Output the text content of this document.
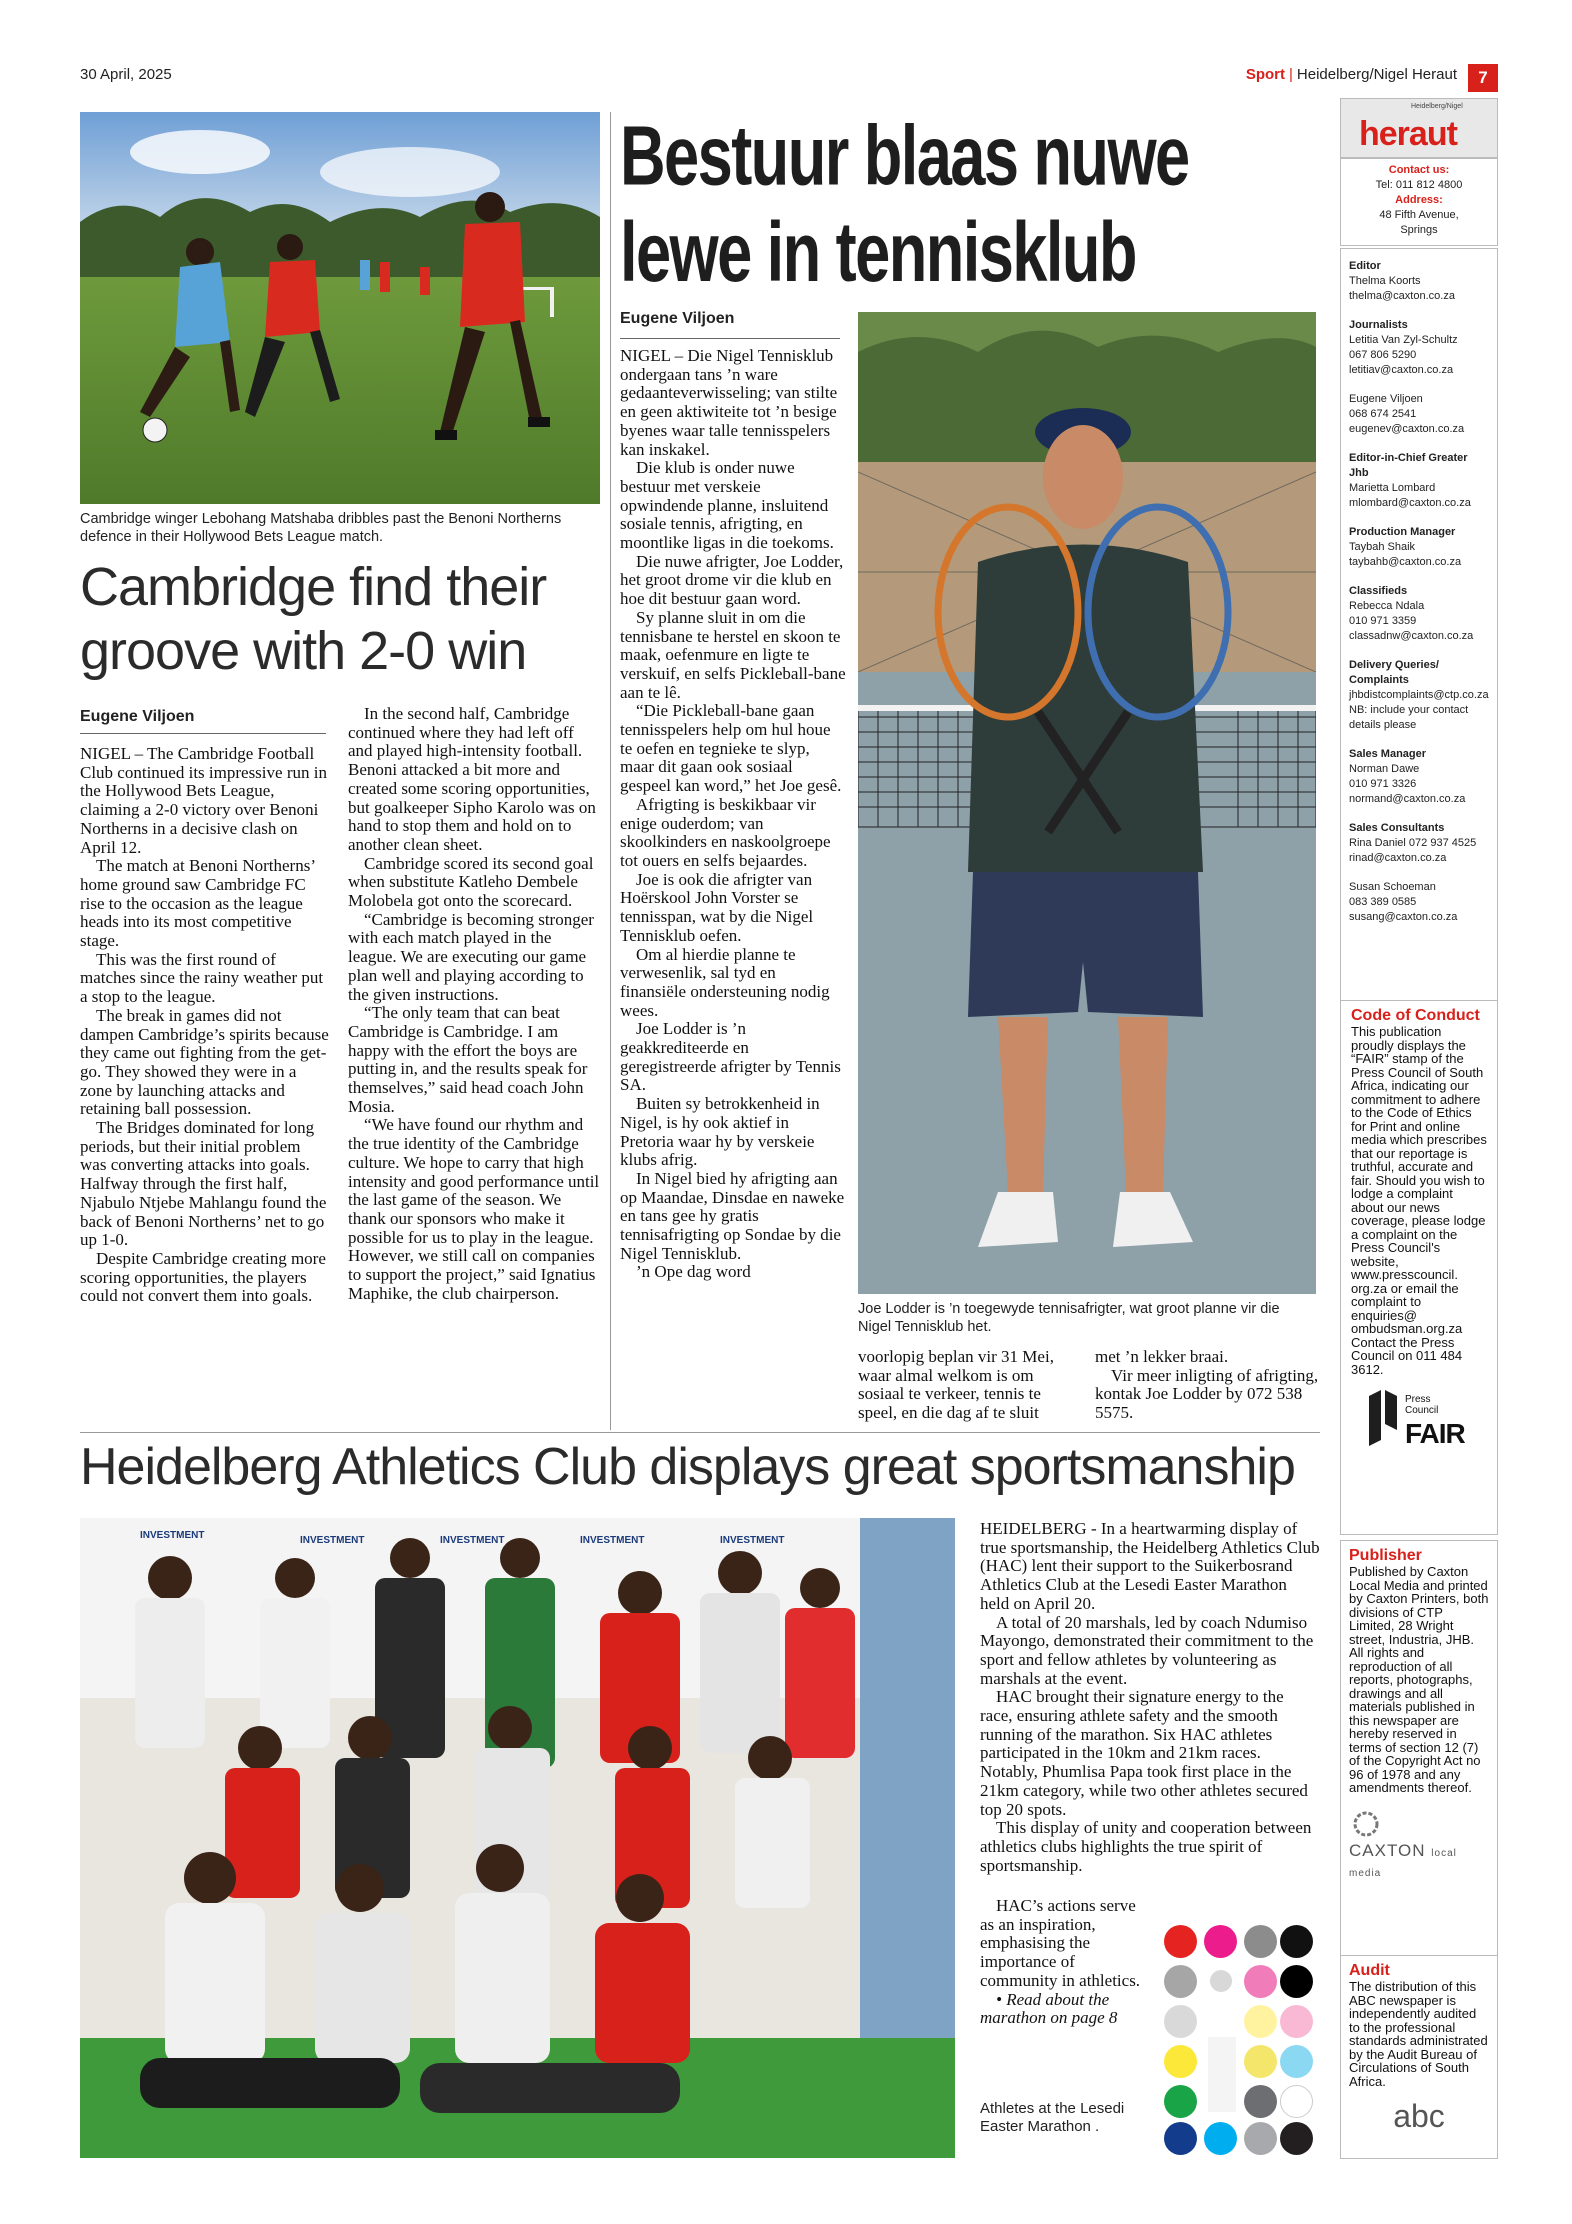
30 April, 2025	Sport | Heidelberg/Nigel Heraut	7
Cambridge winger Lebohang Matshaba dribbles past the Benoni Northerns defence in their Hollywood Bets League match.
Cambridge find their
groove with 2-0 win
Eugene Viljoen

NIGEL – The Cambridge Football Club continued its impressive run in the Hollywood Bets League, claiming a 2-0 victory over Benoni Northerns in a decisive clash on April 12.

The match at Benoni Northerns’ home ground saw Cambridge FC rise to the occasion as the league heads into its most competitive stage.

This was the first round of matches since the rainy weather put a stop to the league.

The break in games did not dampen Cambridge’s spirits because they came out fighting from the get-go. They showed they were in a zone by launching attacks and retaining ball possession.

The Bridges dominated for long periods, but their initial problem was converting attacks into goals. Halfway through the first half, Njabulo Ntjebe Mahlangu found the back of Benoni Northerns’ net to go up 1-0.

Despite Cambridge creating more scoring opportunities, the players could not convert them into goals.

In the second half, Cambridge continued where they had left off and played high-intensity football. Benoni attacked a bit more and created some scoring opportunities, but goalkeeper Sipho Karolo was on hand to stop them and hold on to another clean sheet.

Cambridge scored its second goal when substitute Katleho Dembele Molobela got onto the scorecard.

“Cambridge is becoming stronger with each match played in the league. We are executing our game plan well and playing according to the given instructions.

“The only team that can beat Cambridge is Cambridge. I am happy with the effort the boys are putting in, and the results speak for themselves,” said head coach John Mosia.

“We have found our rhythm and the true identity of the Cambridge culture. We hope to carry that high intensity and good performance until the last game of the season. We thank our sponsors who make it possible for us to play in the league. However, we still call on companies to support the project,” said Ignatius Maphike, the club chairperson.

Bestuur blaas nuwe
lewe in tennisklub
Eugene Viljoen

NIGEL – Die Nigel Tennisklub ondergaan tans ’n ware gedaanteverwisseling; van stilte en geen aktiwiteite tot ’n besige byenes waar talle tennisspelers kan inskakel.

Die klub is onder nuwe bestuur met verskeie opwindende planne, insluitend sosiale tennis, afrigting, en moontlike ligas in die toekoms.

Die nuwe afrigter, Joe Lodder, het groot drome vir die klub en hoe dit bestuur gaan word.

Sy planne sluit in om die tennisbane te herstel en skoon te maak, oefenmure en ligte te verskuif, en selfs Pickleball-bane aan te lê.

“Die Pickleball-bane gaan tennisspelers help om hul houe te oefen en tegnieke te slyp, maar dit gaan ook sosiaal gespeel kan word,” het Joe gesê.

Afrigting is beskikbaar vir enige ouderdom; van skoolkinders en naskoolgroepe tot ouers en selfs bejaardes.

Joe is ook die afrigter van Hoërskool John Vorster se tennisspan, wat by die Nigel Tennisklub oefen.

Om al hierdie planne te verwesenlik, sal tyd en finansiële ondersteuning nodig wees.

Joe Lodder is ’n geakkrediteerde en geregistreerde afrigter by Tennis SA.

Buiten sy betrokkenheid in Nigel, is hy ook aktief in Pretoria waar hy by verskeie klubs afrig.

In Nigel bied hy afrigting aan op Maandae, Dinsdae en naweke en tans gee hy gratis tennisafrigting op Sondae by die Nigel Tennisklub.

’n Ope dag word

Joe Lodder is ’n toegewyde tennisafrigter, wat groot planne vir die Nigel Tennisklub het.

voorlopig beplan vir 31 Mei, waar almal welkom is om sosiaal te verkeer, tennis te speel, en die dag af te sluit

met ’n lekker braai.

Vir meer inligting of afrigting, kontak Joe Lodder by 072 538 5575.

Heidelberg Athletics Club displays great sportsmanship
INVESTMENT	INVESTMENT	INVESTMENT	INVESTMENT	INVESTMENT

HEIDELBERG - In a heartwarming display of true sportsmanship, the Heidelberg Athletics Club (HAC) lent their support to the Suikerbosrand Athletics Club at the Lesedi Easter Marathon held on April 20.

A total of 20 marshals, led by coach Ndumiso Mayongo, demonstrated their commitment to the sport and fellow athletes by volunteering as marshals at the event.

HAC brought their signature energy to the race, ensuring athlete safety and the smooth running of the marathon. Six HAC athletes participated in the 10km and 21km races. Notably, Phumlisa Papa took first place in the 21km category, while two other athletes secured top 20 spots.

This display of unity and cooperation between athletics clubs highlights the true spirit of sportsmanship.

HAC’s actions serve as an inspiration, emphasising the importance of community in athletics.

• Read about the marathon on page 8

Athletes at the Lesedi Easter Marathon .
Heidelberg/Nigel
heraut
Contact us:
Tel: 011 812 4800
Address:
48 Fifth Avenue,
Springs
Editor
Thelma Koorts
thelma@caxton.co.za
Journalists
Letitia Van Zyl-Schultz
067 806 5290
letitiav@caxton.co.za
Eugene Viljoen
068 674 2541
eugenev@caxton.co.za
Editor-in-Chief Greater Jhb
Marietta Lombard
mlombard@caxton.co.za
Production Manager
Taybah Shaik
taybahb@caxton.co.za
Classifieds
Rebecca Ndala
010 971 3359
classadnw@caxton.co.za
Delivery Queries/ Complaints
jhbdistcomplaints@ctp.co.za
NB: include your contact details please
Sales Manager
Norman Dawe
010 971 3326
normand@caxton.co.za
Sales Consultants
Rina Daniel 072 937 4525
rinad@caxton.co.za
Susan Schoeman
083 389 0585
susang@caxton.co.za
Code of Conduct
This publication proudly displays the “FAIR” stamp of the Press Council of South Africa, indicating our commitment to adhere to the Code of Ethics for Print and online media which prescribes that our reportage is truthful, accurate and fair. Should you wish to lodge a complaint about our news coverage, please lodge a complaint on the Press Council's website, www.presscouncil. org.za or email the complaint to enquiries@ ombudsman.org.za Contact the Press Council on 011 484 3612.
Press Council
FAIR
Publisher
Published by Caxton Local Media and printed by Caxton Printers, both divisions of CTP Limited, 28 Wright street, Industria, JHB. All rights and reproduction of all reports, photographs, drawings and all materials published in this newspaper are hereby reserved in terms of section 12 (7) of the Copyright Act no 96 of 1978 and any amendments thereof.
CAXTON local media
Audit
The distribution of this ABC newspaper is independently audited to the professional standards administrated by the Audit Bureau of Circulations of South Africa.
abc
